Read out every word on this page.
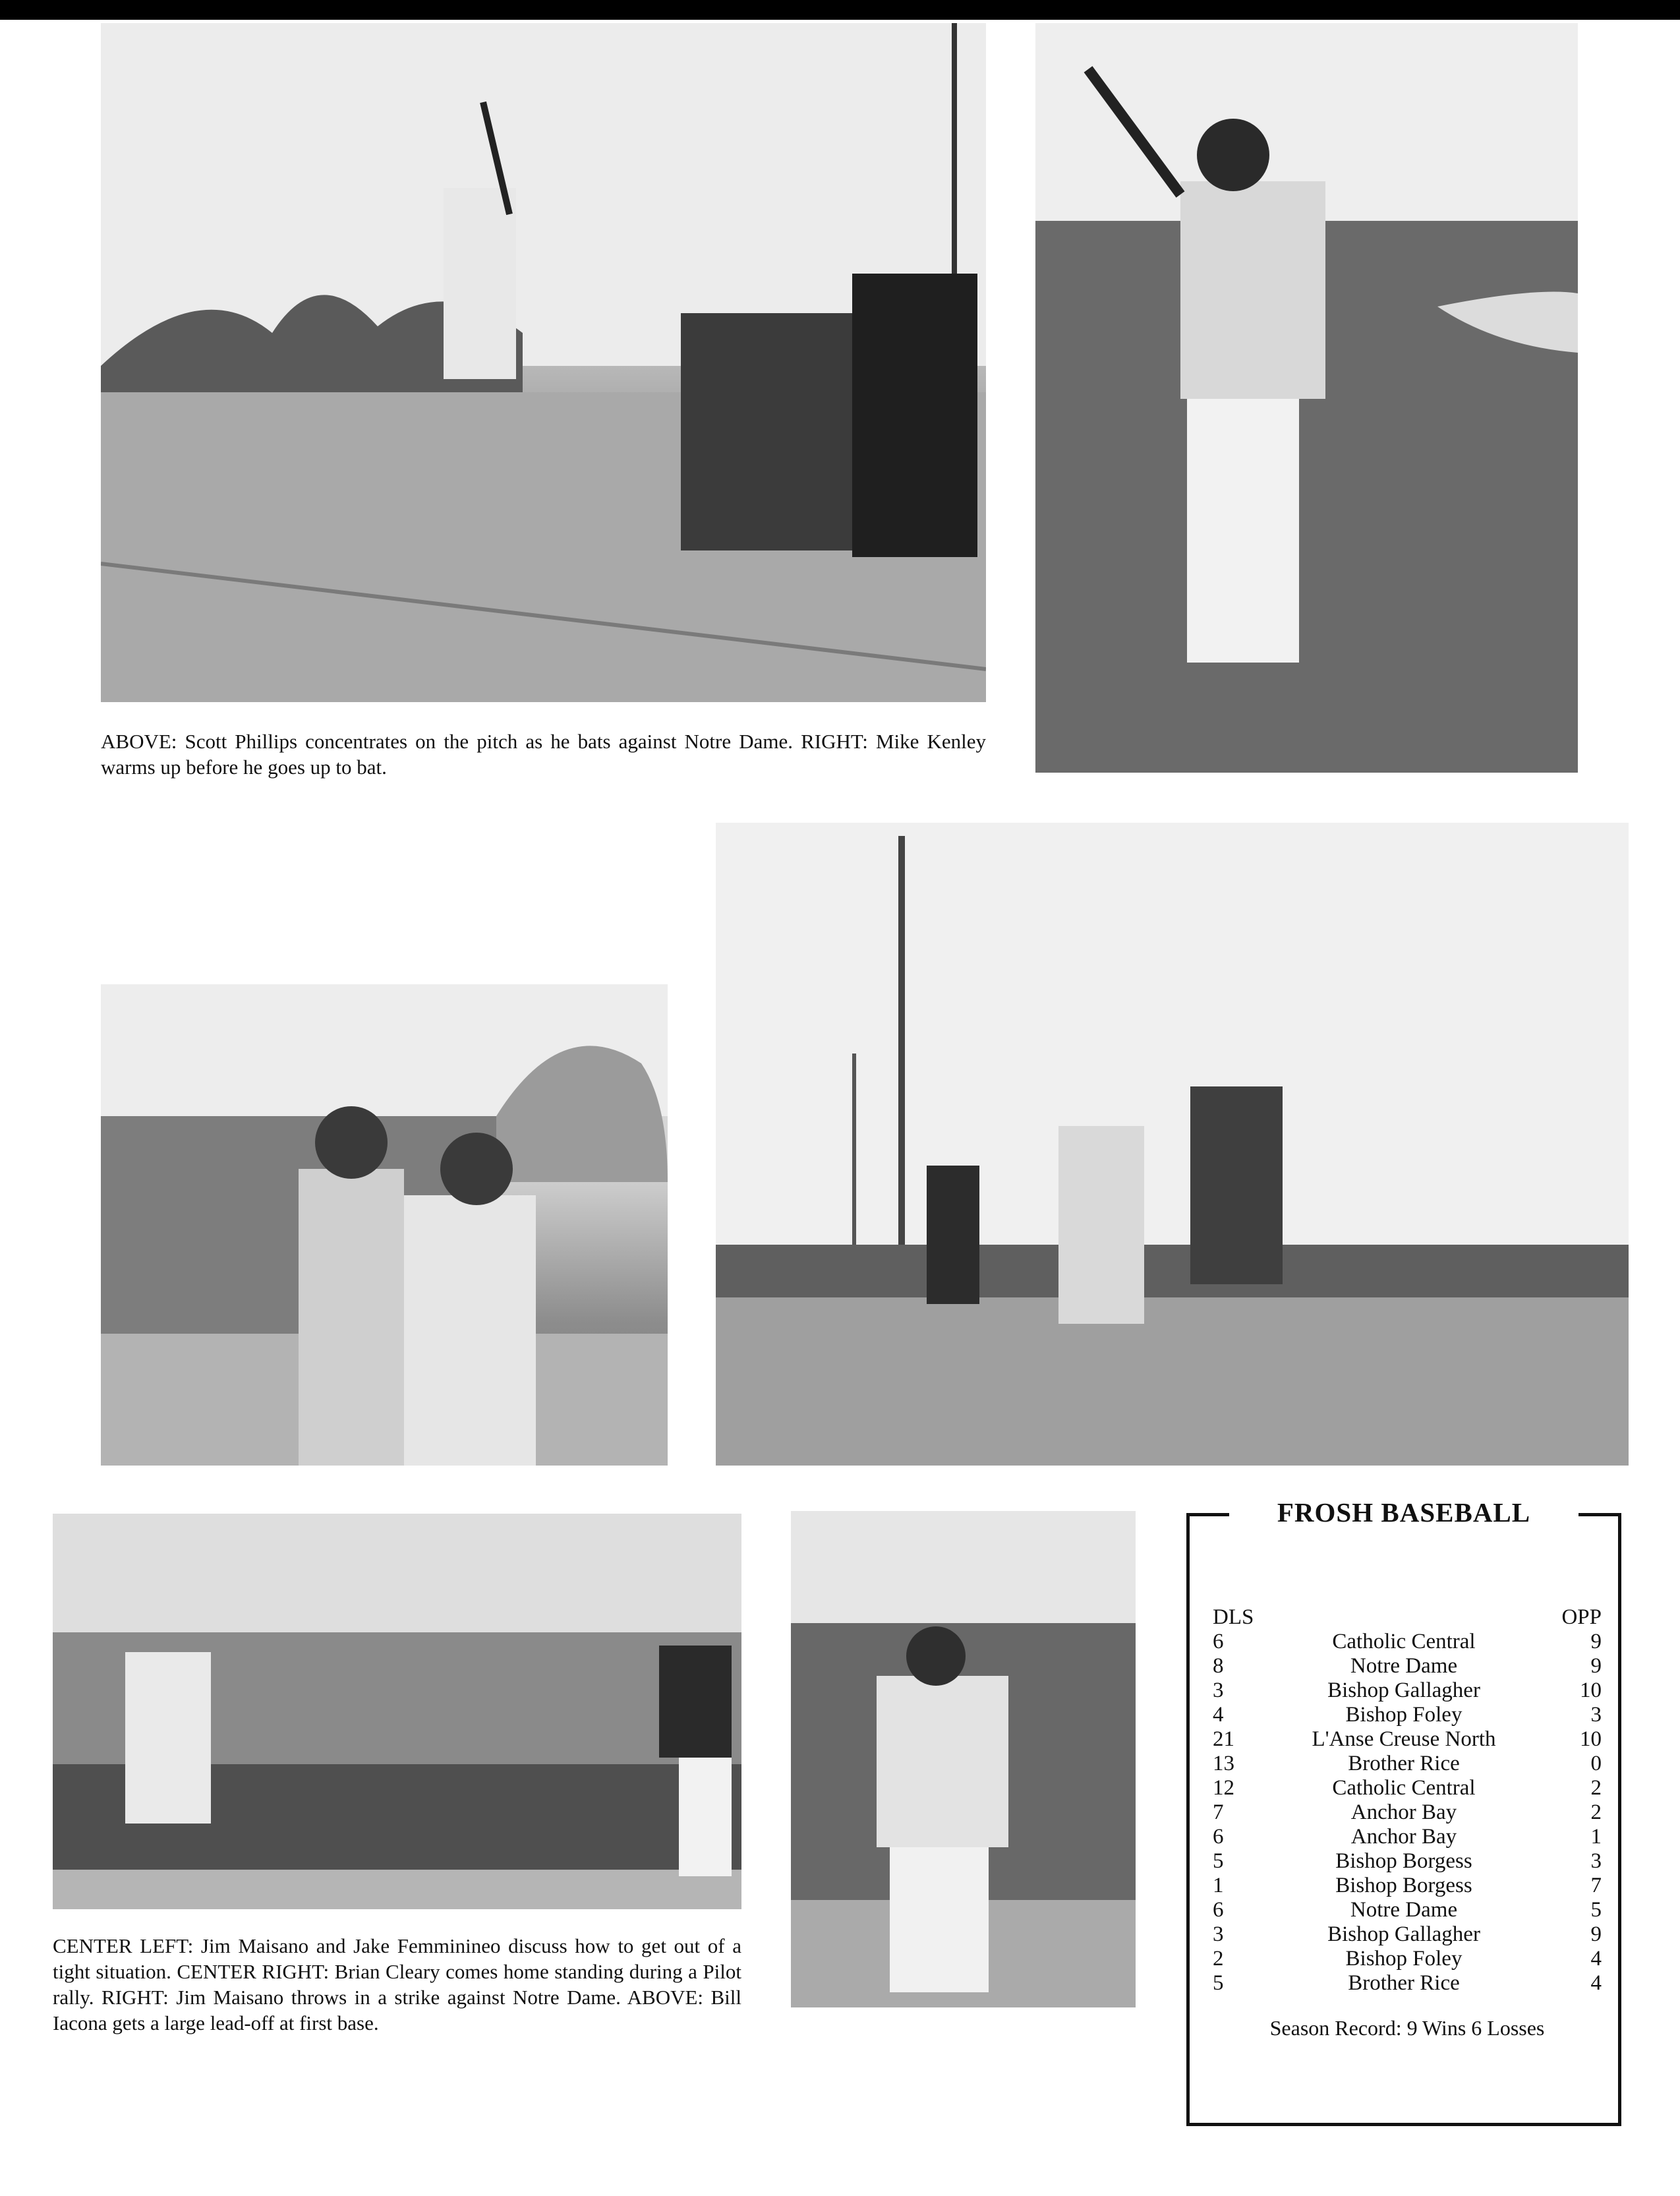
ABOVE: Scott Phillips concentrates on the pitch as he bats against Notre Dame. RIGHT: Mike Kenley warms up before he goes up to bat.
CENTER LEFT: Jim Maisano and Jake Femminineo discuss how to get out of a tight situation. CENTER RIGHT: Brian Cleary comes home standing during a Pilot rally. RIGHT: Jim Maisano throws in a strike against Notre Dame. ABOVE: Bill Iacona gets a large lead-off at first base.
FROSH BASEBALL
DLS	OPP
6	Catholic Central	9
8	Notre Dame	9
3	Bishop Gallagher	10
4	Bishop Foley	3
21	L'Anse Creuse North	10
13	Brother Rice	0
12	Catholic Central	2
7	Anchor Bay	2
6	Anchor Bay	1
5	Bishop Borgess	3
1	Bishop Borgess	7
6	Notre Dame	5
3	Bishop Gallagher	9
2	Bishop Foley	4
5	Brother Rice	4
Season Record: 9 Wins 6 Losses
